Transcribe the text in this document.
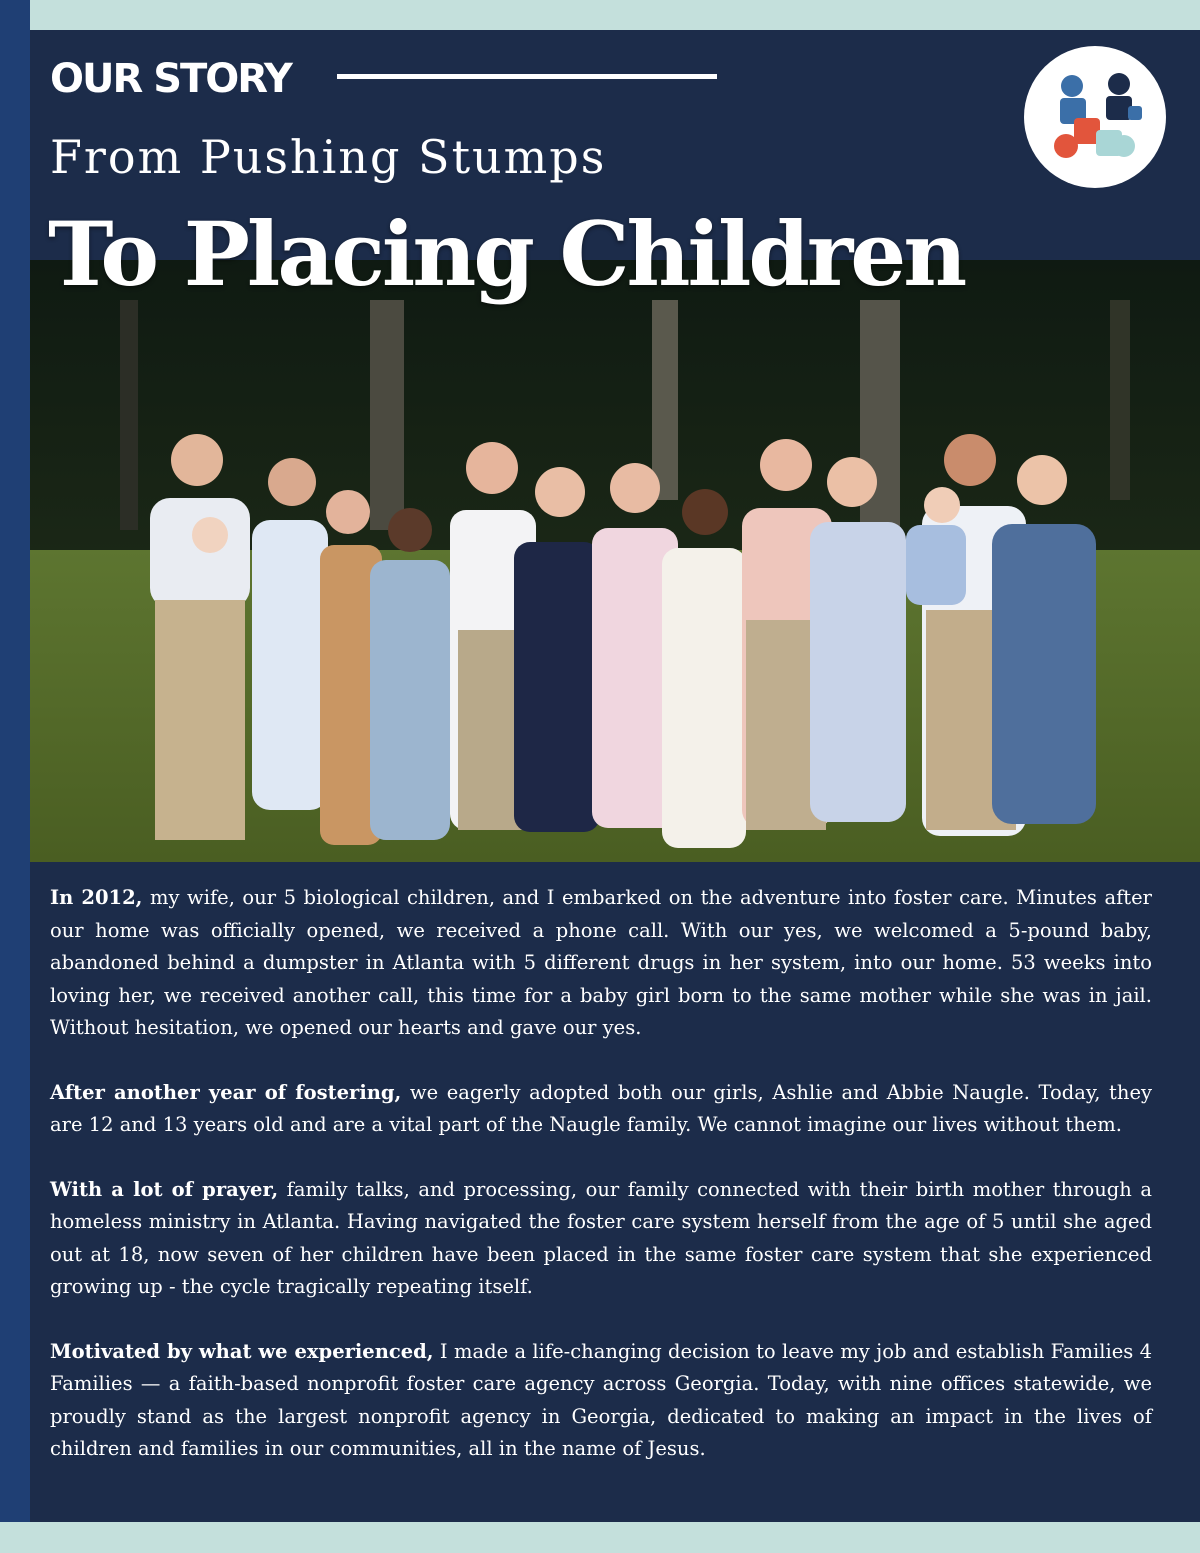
OUR STORY
From Pushing Stumps
To Placing Children

In 2012, my wife, our 5 biological children, and I embarked on the adventure into foster care. Minutes after our home was officially opened, we received a phone call. With our yes, we welcomed a 5-pound baby, abandoned behind a dumpster in Atlanta with 5 different drugs in her system, into our home. 53 weeks into loving her, we received another call, this time for a baby girl born to the same mother while she was in jail. Without hesitation, we opened our hearts and gave our yes.

After another year of fostering, we eagerly adopted both our girls, Ashlie and Abbie Naugle. Today, they are 12 and 13 years old and are a vital part of the Naugle family. We cannot imagine our lives without them.

With a lot of prayer, family talks, and processing, our family connected with their birth mother through a homeless ministry in Atlanta. Having navigated the foster care system herself from the age of 5 until she aged out at 18, now seven of her children have been placed in the same foster care system that she experienced growing up - the cycle tragically repeating itself.

Motivated by what we experienced, I made a life-changing decision to leave my job and establish Families 4 Families — a faith-based nonprofit foster care agency across Georgia. Today, with nine offices statewide, we proudly stand as the largest nonprofit agency in Georgia, dedicated to making an impact in the lives of children and families in our communities, all in the name of Jesus.
